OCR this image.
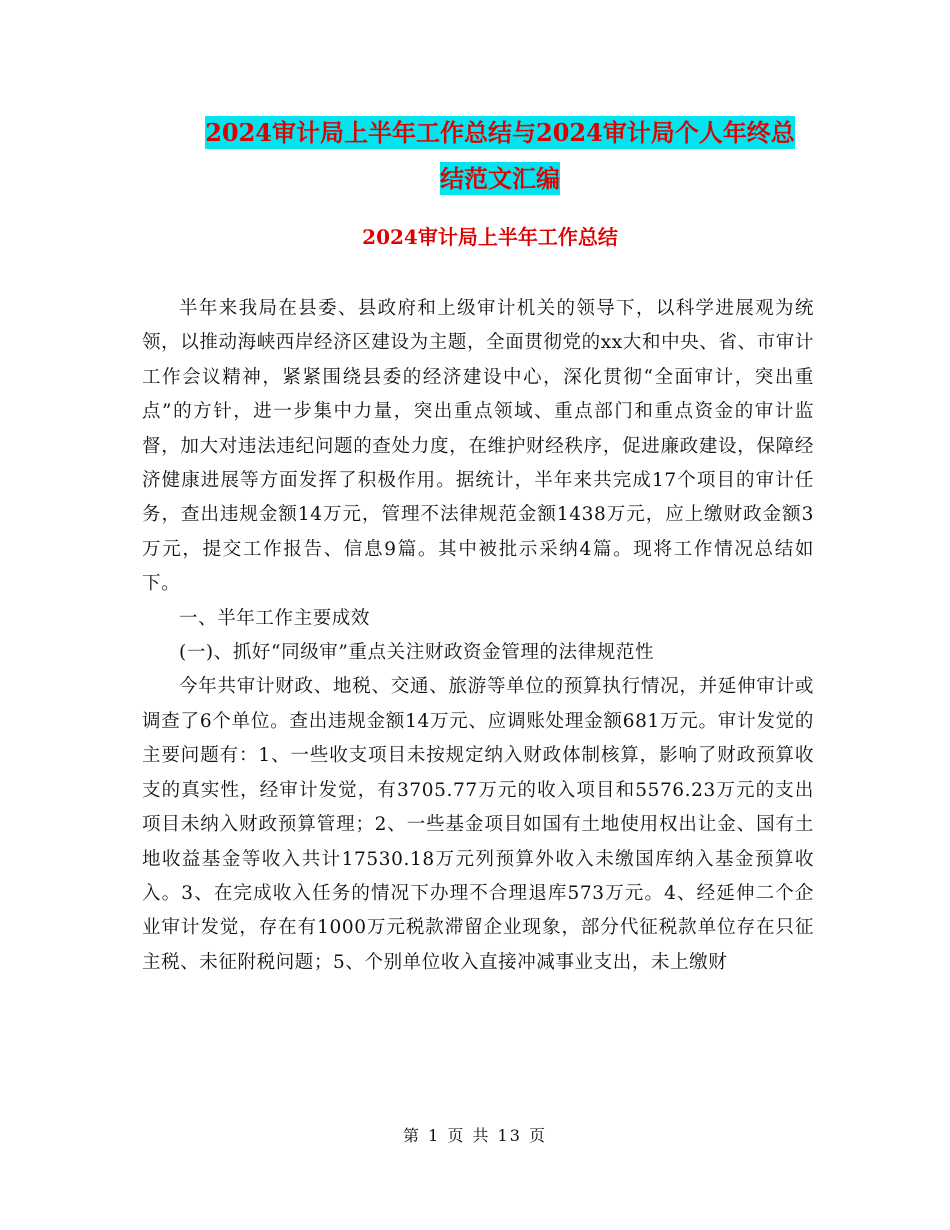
2024审计局上半年工作总结与2024审计局个人年终总
结范文汇编
2024审计局上半年工作总结

半年来我局在县委、县政府和上级审计机关的领导下，以科学进展观为统领，以推动海峡西岸经济区建设为主题，全面贯彻党的xx大和中央、省、市审计工作会议精神，紧紧围绕县委的经济建设中心，深化贯彻“全面审计，突出重点”的方针，进一步集中力量，突出重点领域、重点部门和重点资金的审计监督，加大对违法违纪问题的查处力度，在维护财经秩序，促进廉政建设，保障经济健康进展等方面发挥了积极作用。据统计，半年来共完成17个项目的审计任务，查出违规金额14万元，管理不法律规范金额1438万元，应上缴财政金额3万元，提交工作报告、信息9篇。其中被批示采纳4篇。现将工作情况总结如下。

一、半年工作主要成效

(一)、抓好“同级审”重点关注财政资金管理的法律规范性

今年共审计财政、地税、交通、旅游等单位的预算执行情况，并延伸审计或调查了6个单位。查出违规金额14万元、应调账处理金额681万元。审计发觉的主要问题有：1、一些收支项目未按规定纳入财政体制核算，影响了财政预算收支的真实性，经审计发觉，有3705.77万元的收入项目和5576.23万元的支出项目未纳入财政预算管理；2、一些基金项目如国有土地使用权出让金、国有土地收益基金等收入共计17530.18万元列预算外收入未缴国库纳入基金预算收入。3、在完成收入任务的情况下办理不合理退库573万元。4、经延伸二个企业审计发觉，存在有1000万元税款滞留企业现象，部分代征税款单位存在只征主税、未征附税问题；5、个别单位收入直接冲减事业支出，未上缴财

第 1 页 共 13 页
